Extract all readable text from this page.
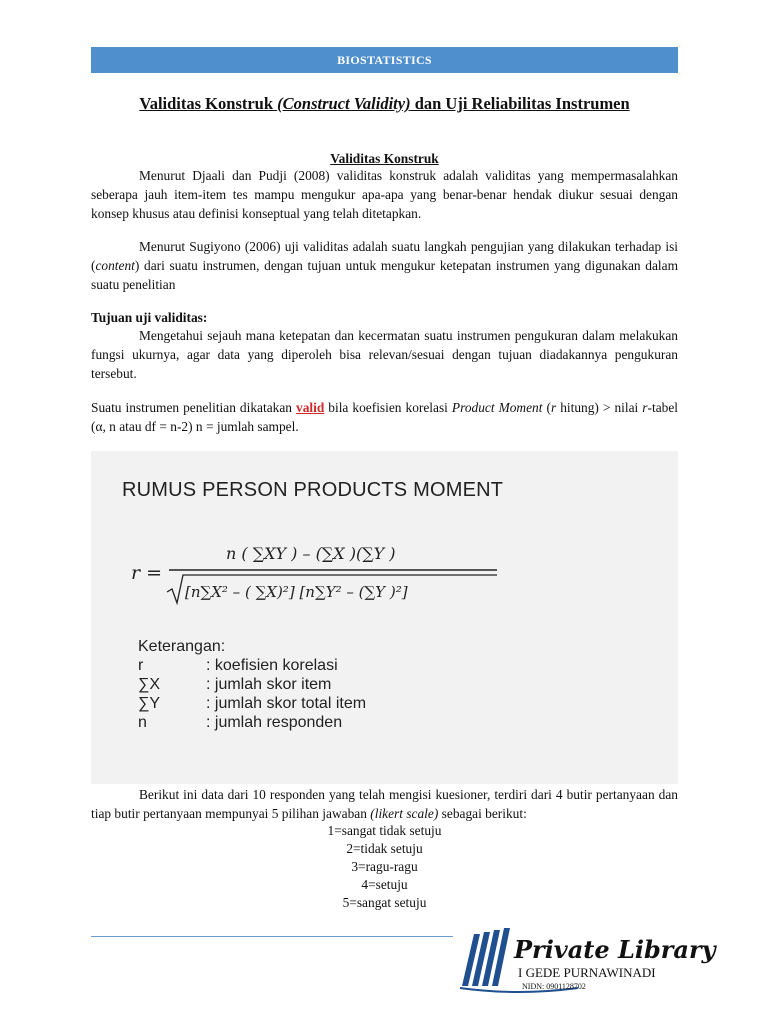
BIOSTATISTICS
Validitas Konstruk (Construct Validity) dan Uji Reliabilitas Instrumen
Validitas Konstruk
Menurut Djaali dan Pudji (2008) validitas konstruk adalah validitas yang mempermasalahkan seberapa jauh item-item tes mampu mengukur apa-apa yang benar-benar hendak diukur sesuai dengan konsep khusus atau definisi konseptual yang telah ditetapkan.
Menurut Sugiyono (2006) uji validitas adalah suatu langkah pengujian yang dilakukan terhadap isi (content) dari suatu instrumen, dengan tujuan untuk mengukur ketepatan instrumen yang digunakan dalam suatu penelitian
Tujuan uji validitas:
Mengetahui sejauh mana ketepatan dan kecermatan suatu instrumen pengukuran dalam melakukan fungsi ukurnya, agar data yang diperoleh bisa relevan/sesuai dengan tujuan diadakannya pengukuran tersebut.
Suatu instrumen penelitian dikatakan valid bila koefisien korelasi Product Moment (r hitung) > nilai r-tabel (α, n atau df = n-2) n = jumlah sampel.
RUMUS PERSON PRODUCTS MOMENT
r =
n ( ∑XY ) – (∑X )(∑Y )
[n∑X² – ( ∑X)²] [n∑Y² – (∑Y )²]
Keterangan:
r	: koefisien korelasi
∑X	: jumlah skor item
∑Y	: jumlah skor total item
n	: jumlah responden
Berikut ini data dari 10 responden yang telah mengisi kuesioner, terdiri dari 4 butir pertanyaan dan tiap butir pertanyaan mempunyai 5 pilihan jawaban (likert scale) sebagai berikut:
1=sangat tidak setuju
2=tidak setuju
3=ragu-ragu
4=setuju
5=sangat setuju
Private Library
I GEDE PURNAWINADI
NIDN: 0901128702
